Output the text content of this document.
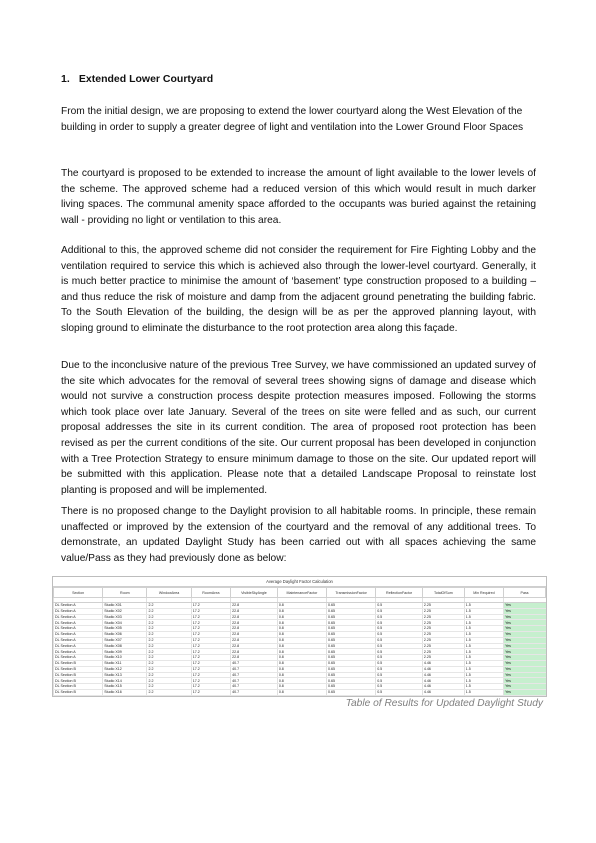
1. Extended Lower Courtyard

From the initial design, we are proposing to extend the lower courtyard along the West Elevation of the building in order to supply a greater degree of light and ventilation into the Lower Ground Floor Spaces

The courtyard is proposed to be extended to increase the amount of light available to the lower levels of the scheme. The approved scheme had a reduced version of this which would result in much darker living spaces. The communal amenity space afforded to the occupants was buried against the retaining wall - providing no light or ventilation to this area.

Additional to this, the approved scheme did not consider the requirement for Fire Fighting Lobby and the ventilation required to service this which is achieved also through the lower-level courtyard. Generally, it is much better practice to minimise the amount of ‘basement’ type construction proposed to a building – and thus reduce the risk of moisture and damp from the adjacent ground penetrating the building fabric. To the South Elevation of the building, the design will be as per the approved planning layout, with sloping ground to eliminate the disturbance to the root protection area along this façade.

Due to the inconclusive nature of the previous Tree Survey, we have commissioned an updated survey of the site which advocates for the removal of several trees showing signs of damage and disease which would not survive a construction process despite protection measures imposed. Following the storms which took place over late January. Several of the trees on site were felled and as such, our current proposal addresses the site in its current condition. The area of proposed root protection has been revised as per the current conditions of the site. Our current proposal has been developed in conjunction with a Tree Protection Strategy to ensure minimum damage to those on the site. Our updated report will be submitted with this application. Please note that a detailed Landscape Proposal to reinstate lost planting is proposed and will be implemented.

There is no proposed change to the Daylight provision to all habitable rooms. In principle, these remain unaffected or improved by the extension of the courtyard and the removal of any additional trees. To demonstrate, an updated Daylight Study has been carried out with all spaces achieving the same value/Pass as they had previously done as below:

Average Daylight Factor Calculation
Section	Room	WindowArea	RoomArea	VisibleSkyAngle	MaintenanceFactor	TransmissionFactor	ReflectionFactor	TotalOfSum	Min Required	Pass

DL Section A	Studio X01	2.2	17.2	22.8	0.8	0.65	0.5	2.25	1.5	Yes
DL Section A	Studio X02	2.2	17.2	22.8	0.8	0.65	0.5	2.25	1.5	Yes
DL Section A	Studio X03	2.2	17.2	22.8	0.8	0.65	0.5	2.25	1.5	Yes
DL Section A	Studio X04	2.2	17.2	22.8	0.8	0.65	0.5	2.25	1.5	Yes
DL Section A	Studio X05	2.2	17.2	22.8	0.8	0.65	0.5	2.25	1.5	Yes
DL Section A	Studio X06	2.2	17.2	22.8	0.8	0.65	0.5	2.25	1.5	Yes
DL Section A	Studio X07	2.2	17.2	22.8	0.8	0.65	0.5	2.25	1.5	Yes
DL Section A	Studio X08	2.2	17.2	22.8	0.8	0.65	0.5	2.25	1.5	Yes
DL Section A	Studio X09	2.2	17.2	22.8	0.8	0.65	0.5	2.25	1.5	Yes
DL Section A	Studio X10	2.2	17.2	22.8	0.8	0.65	0.5	2.25	1.5	Yes
DL Section B	Studio X11	2.2	17.2	40.7	0.8	0.65	0.5	4.46	1.5	Yes
DL Section B	Studio X12	2.2	17.2	40.7	0.8	0.65	0.5	4.46	1.5	Yes
DL Section B	Studio X13	2.2	17.2	40.7	0.8	0.65	0.5	4.46	1.5	Yes
DL Section B	Studio X14	2.2	17.2	40.7	0.8	0.65	0.5	4.46	1.5	Yes
DL Section B	Studio X15	2.2	17.2	40.7	0.8	0.65	0.5	4.46	1.5	Yes
DL Section B	Studio X16	2.2	17.2	40.7	0.8	0.65	0.5	4.46	1.5	Yes

Table of Results for Updated Daylight Study
